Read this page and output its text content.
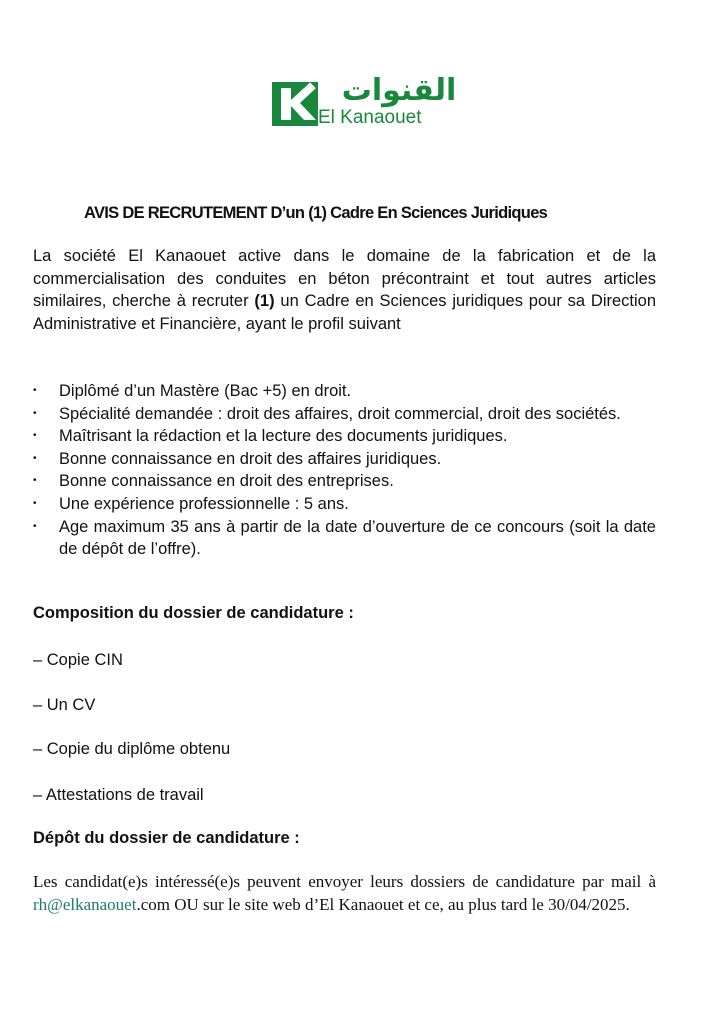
القنوات
El Kanaouet
AVIS DE RECRUTEMENT D’un (1) Cadre En Sciences Juridiques

La société El Kanaouet active dans le domaine de la fabrication et de la commercialisation des conduites en béton précontraint et tout autres articles similaires, cherche à recruter (1) un Cadre en Sciences juridiques pour sa Direction Administrative et Financière, ayant le profil suivant

• Diplômé d’un Mastère (Bac +5) en droit.
• Spécialité demandée : droit des affaires, droit commercial, droit des sociétés.
• Maîtrisant la rédaction et la lecture des documents juridiques.
• Bonne connaissance en droit des affaires juridiques.
• Bonne connaissance en droit des entreprises.
• Une expérience professionnelle : 5 ans.
• Age maximum 35 ans à partir de la date d’ouverture de ce concours (soit la date de dépôt de l’offre).
Composition du dossier de candidature :
– Copie CIN
– Un CV
– Copie du diplôme obtenu
– Attestations de travail
Dépôt du dossier de candidature :

Les candidat(e)s intéressé(e)s peuvent envoyer leurs dossiers de candidature par mail à rh@elkanaouet.com OU sur le site web d’El Kanaouet et ce, au plus tard le 30/04/2025.
